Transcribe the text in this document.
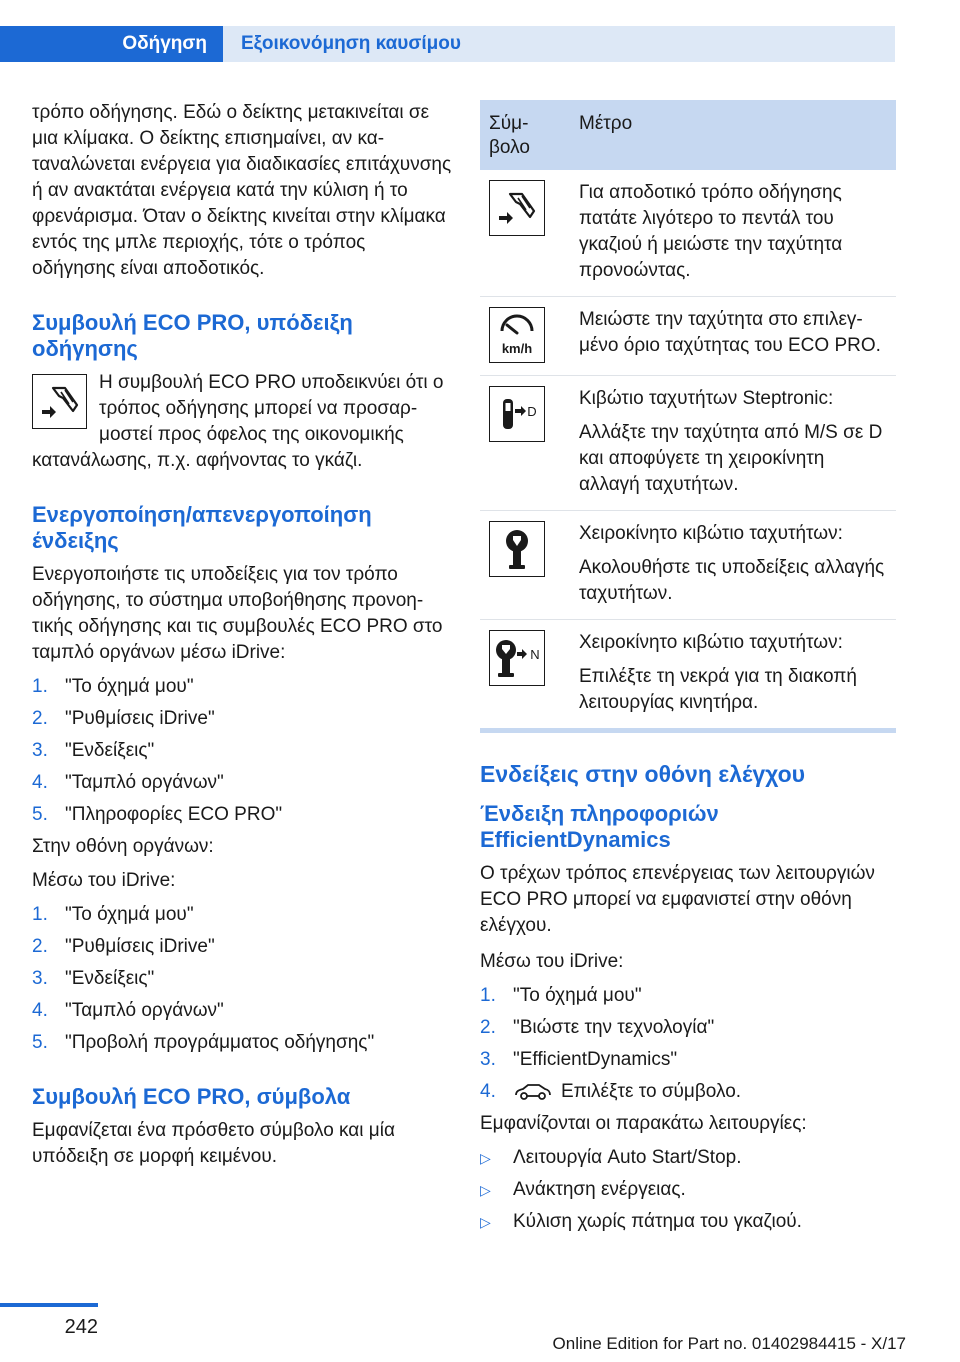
Οδήγηση	Εξοικονόμηση καυσίμου

τρόπο οδήγησης. Εδώ ο δείκτης μετακινείται σε μια κλίμακα. Ο δείκτης επισημαίνει, αν καταναλώνεται ενέργεια για διαδικασίες επιτάχυνσης ή αν ανακτάται ενέργεια κατά την κύλιση ή το φρενάρισμα. Όταν ο δείκτης κινείται στην κλίμακα εντός της μπλε περιοχής, τότε ο τρόπος οδήγησης είναι αποδοτικός.

Συμβουλή ECO PRO, υπόδειξη οδήγησης
Η συμβουλή ECO PRO υποδεικνύει ότι ο τρόπος οδήγησης μπορεί να προσαρμοστεί προς όφελος της οικονομικής
κατανάλωσης, π.χ. αφήνοντας το γκάζι.
Ενεργοποίηση/απενεργοποίηση ένδειξης

Ενεργοποιήστε τις υποδείξεις για τον τρόπο οδήγησης, το σύστημα υποβοήθησης προνοητικής οδήγησης και τις συμβουλές ECO PRO στο ταμπλό οργάνων μέσω iDrive:

1. "Το όχημά μου"
2. "Ρυθμίσεις iDrive"
3. "Ενδείξεις"
4. "Ταμπλό οργάνων"
5. "Πληροφορίες ECO PRO"

Στην οθόνη οργάνων:

Μέσω του iDrive:

1. "Το όχημά μου"
2. "Ρυθμίσεις iDrive"
3. "Ενδείξεις"
4. "Ταμπλό οργάνων"
5. "Προβολή προγράμματος οδήγησης"
Συμβουλή ECO PRO, σύμβολα

Εμφανίζεται ένα πρόσθετο σύμβολο και μία υπόδειξη σε μορφή κειμένου.

Σύμ-βολο	Μέτρο

Για αποδοτικό τρόπο οδήγησης πατάτε λιγότερο το πεντάλ του γκαζιού ή μειώστε την ταχύτητα προνοώντας.

km/h	Μειώστε την ταχύτητα στο επιλεγμένο όριο ταχύτητας του ECO PRO.

D	Κιβώτιο ταχυτήτων Steptronic:

Αλλάξτε την ταχύτητα από M/S σε D και αποφύγετε τη χειροκίνητη αλλαγή ταχυτήτων.

Χειροκίνητο κιβώτιο ταχυτήτων:

Ακολουθήστε τις υποδείξεις αλλαγής ταχυτήτων.

N	Χειροκίνητο κιβώτιο ταχυτήτων:

Επιλέξτε τη νεκρά για τη διακοπή λειτουργίας κινητήρα.

Ενδείξεις στην οθόνη ελέγχου
Ένδειξη πληροφοριών EfficientDynamics

Ο τρέχων τρόπος επενέργειας των λειτουργιών ECO PRO μπορεί να εμφανιστεί στην οθόνη ελέγχου.

Μέσω του iDrive:

1. "Το όχημά μου"
2. "Βιώστε την τεχνολογία"
3. "EfficientDynamics"
4.	Επιλέξτε το σύμβολο.

Εμφανίζονται οι παρακάτω λειτουργίες:

▷	Λειτουργία Auto Start/Stop.
▷	Ανάκτηση ενέργειας.
▷	Κύλιση χωρίς πάτημα του γκαζιού.
242
Online Edition for Part no. 01402984415 - X/17
